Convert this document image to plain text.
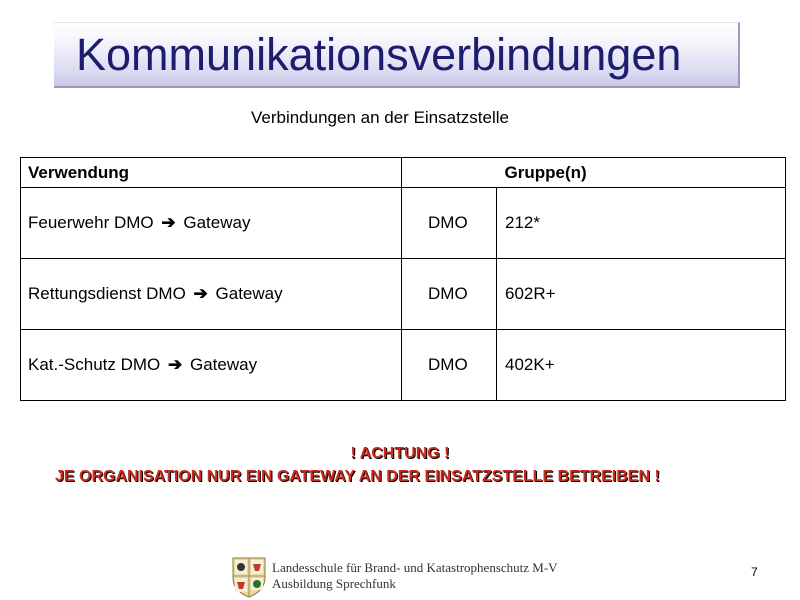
Kommunikationsverbindungen
Verbindungen an der Einsatzstelle
Verwendung		Gruppe(n)
Feuerwehr DMO ➔ Gateway	DMO	212*
Rettungsdienst DMO ➔ Gateway	DMO	602R+
Kat.-Schutz DMO ➔ Gateway	DMO	402K+
! ACHTUNG !
JE ORGANISATION NUR EIN GATEWAY AN DER EINSATZSTELLE BETREIBEN !
Landesschule für Brand- und Katastrophenschutz M-V
Ausbildung Sprechfunk
7
